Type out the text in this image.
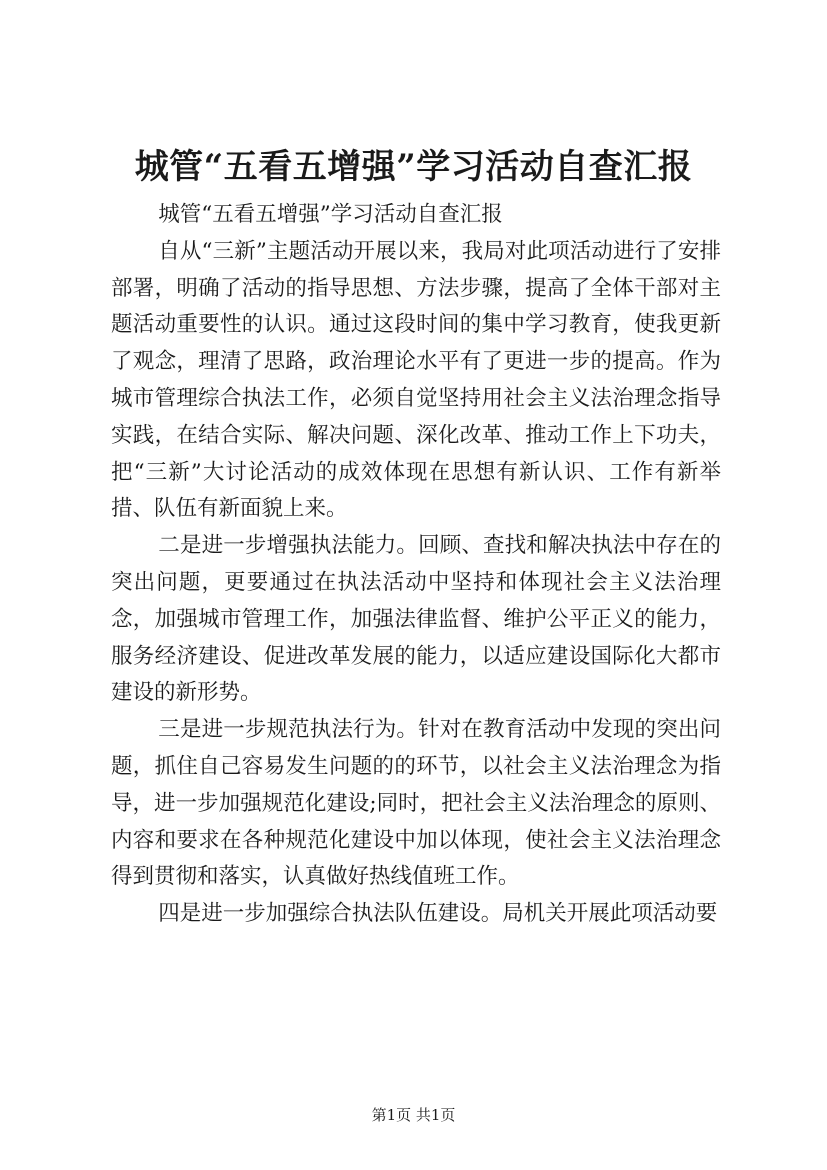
城管“五看五增强”学习活动自查汇报

城管“五看五增强”学习活动自查汇报

自从“三新”主题活动开展以来，我局对此项活动进行了安排部署，明确了活动的指导思想、方法步骤，提高了全体干部对主题活动重要性的认识。通过这段时间的集中学习教育，使我更新了观念，理清了思路，政治理论水平有了更进一步的提高。作为城市管理综合执法工作，必须自觉坚持用社会主义法治理念指导实践，在结合实际、解决问题、深化改革、推动工作上下功夫，把“三新”大讨论活动的成效体现在思想有新认识、工作有新举措、队伍有新面貌上来。

二是进一步增强执法能力。回顾、查找和解决执法中存在的突出问题，更要通过在执法活动中坚持和体现社会主义法治理念，加强城市管理工作，加强法律监督、维护公平正义的能力，服务经济建设、促进改革发展的能力，以适应建设国际化大都市建设的新形势。

三是进一步规范执法行为。针对在教育活动中发现的突出问题，抓住自己容易发生问题的的环节，以社会主义法治理念为指导，进一步加强规范化建设;同时，把社会主义法治理念的原则、内容和要求在各种规范化建设中加以体现，使社会主义法治理念得到贯彻和落实，认真做好热线值班工作。

四是进一步加强综合执法队伍建设。局机关开展此项活动要

第1页 共1页
